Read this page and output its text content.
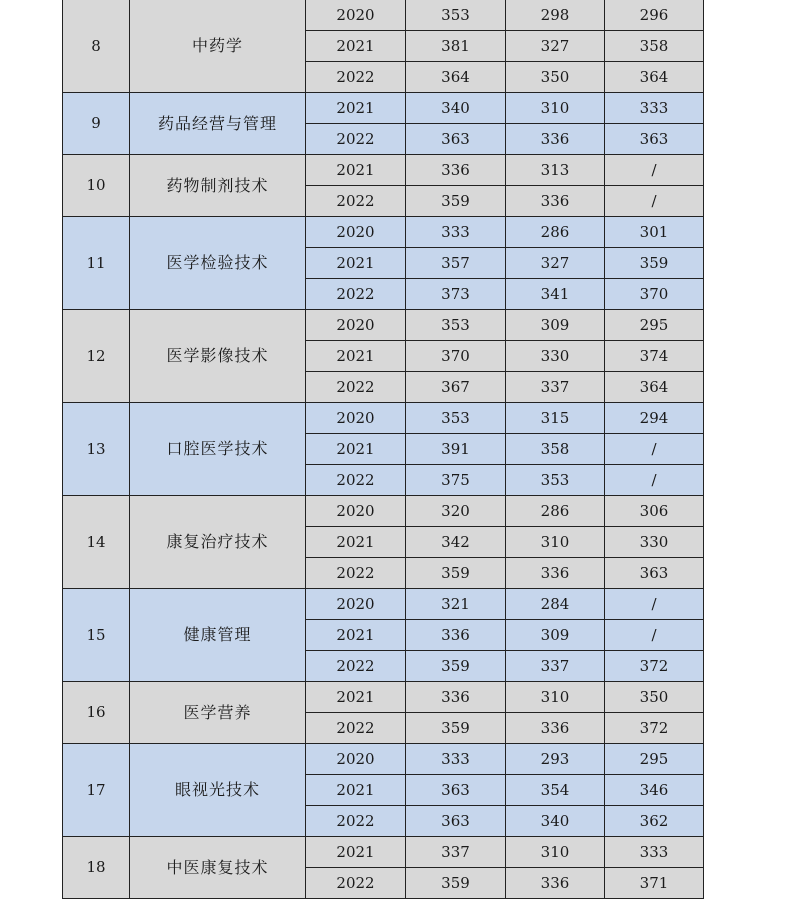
8	中药学	2020	353	298	296
		2021	381	327	358
		2022	364	350	364
9	药品经营与管理	2021	340	310	333
		2022	363	336	363
10	药物制剂技术	2021	336	313	/
		2022	359	336	/
11	医学检验技术	2020	333	286	301
		2021	357	327	359
		2022	373	341	370
12	医学影像技术	2020	353	309	295
		2021	370	330	374
		2022	367	337	364
13	口腔医学技术	2020	353	315	294
		2021	391	358	/
		2022	375	353	/
14	康复治疗技术	2020	320	286	306
		2021	342	310	330
		2022	359	336	363
15	健康管理	2020	321	284	/
		2021	336	309	/
		2022	359	337	372
16	医学营养	2021	336	310	350
		2022	359	336	372
17	眼视光技术	2020	333	293	295
		2021	363	354	346
		2022	363	340	362
18	中医康复技术	2021	337	310	333
		2022	359	336	371
